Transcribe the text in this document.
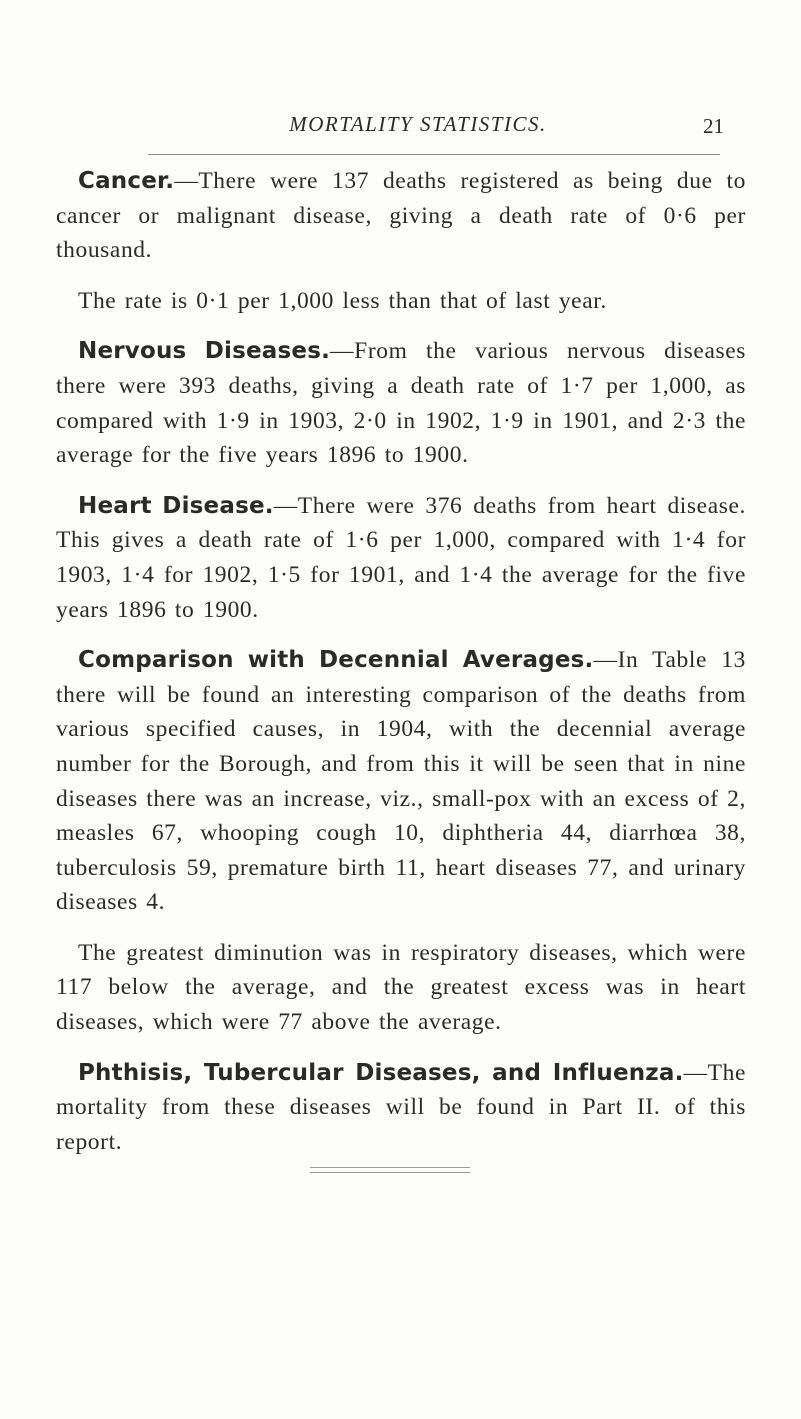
MORTALITY STATISTICS.	21

Cancer.—There were 137 deaths registered as being due to cancer or malignant disease, giving a death rate of 0·6 per thousand.

The rate is 0·1 per 1,000 less than that of last year.

Nervous Diseases.—From the various nervous diseases there were 393 deaths, giving a death rate of 1·7 per 1,000, as compared with 1·9 in 1903, 2·0 in 1902, 1·9 in 1901, and 2·3 the average for the five years 1896 to 1900.

Heart Disease.—There were 376 deaths from heart disease. This gives a death rate of 1·6 per 1,000, compared with 1·4 for 1903, 1·4 for 1902, 1·5 for 1901, and 1·4 the average for the five years 1896 to 1900.

Comparison with Decennial Averages.—In Table 13 there will be found an interesting comparison of the deaths from various specified causes, in 1904, with the decennial average number for the Borough, and from this it will be seen that in nine diseases there was an increase, viz., small-pox with an excess of 2, measles 67, whooping cough 10, diphtheria 44, diarrhœa 38, tuberculosis 59, premature birth 11, heart diseases 77, and urinary diseases 4.

The greatest diminution was in respiratory diseases, which were 117 below the average, and the greatest excess was in heart diseases, which were 77 above the average.

Phthisis, Tubercular Diseases, and Influenza.—The mortality from these diseases will be found in Part II. of this report.
